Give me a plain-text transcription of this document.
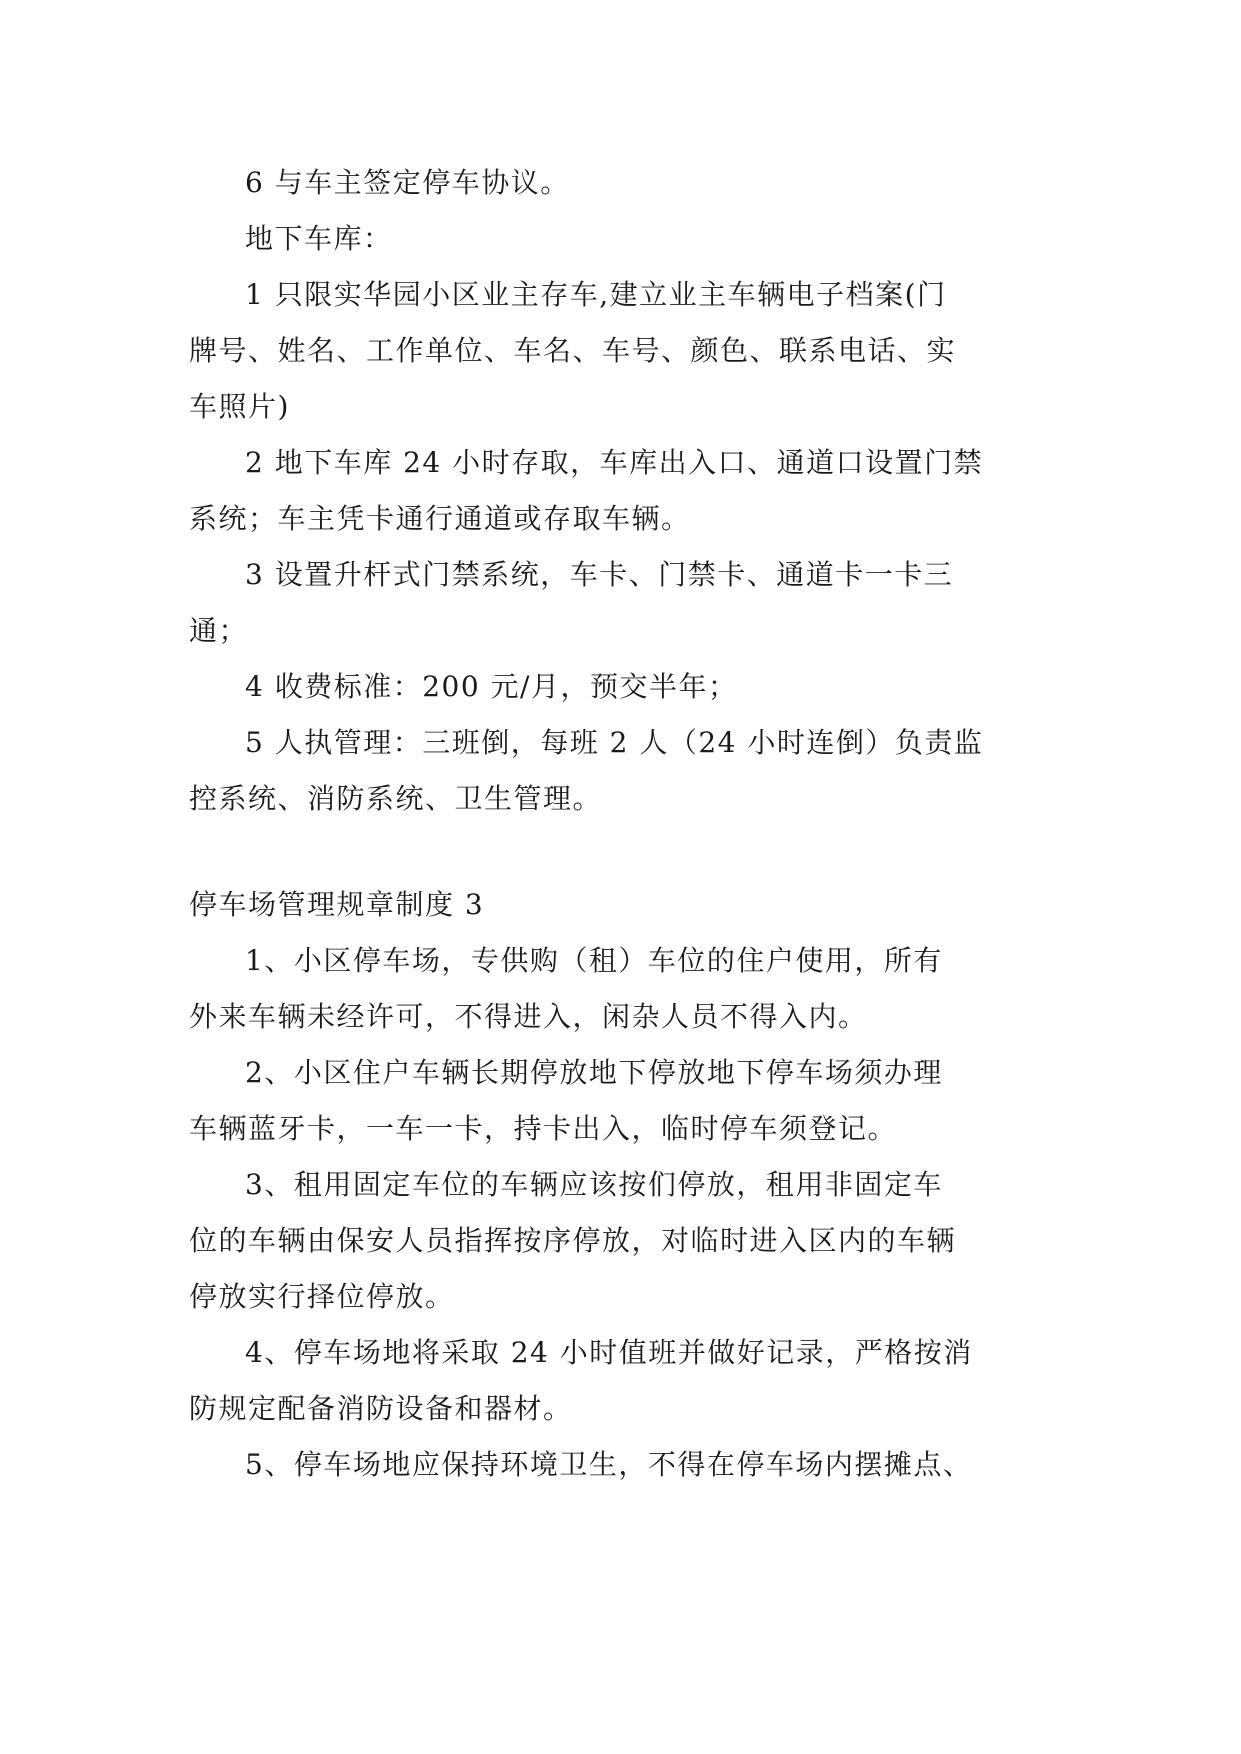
6 与车主签定停车协议。
地下车库：
1 只限实华园小区业主存车,建立业主车辆电子档案(门
牌号、姓名、工作单位、车名、车号、颜色、联系电话、实
车照片)
2 地下车库 24 小时存取，车库出入口、通道口设置门禁
系统；车主凭卡通行通道或存取车辆。
3 设置升杆式门禁系统，车卡、门禁卡、通道卡一卡三
通；
4 收费标准：200 元/月，预交半年；
5 人执管理：三班倒，每班 2 人（24 小时连倒）负责监
控系统、消防系统、卫生管理。
停车场管理规章制度 3
1、小区停车场，专供购（租）车位的住户使用，所有
外来车辆未经许可，不得进入，闲杂人员不得入内。
2、小区住户车辆长期停放地下停放地下停车场须办理
车辆蓝牙卡，一车一卡，持卡出入，临时停车须登记。
3、租用固定车位的车辆应该按们停放，租用非固定车
位的车辆由保安人员指挥按序停放，对临时进入区内的车辆
停放实行择位停放。
4、停车场地将采取 24 小时值班并做好记录，严格按消
防规定配备消防设备和器材。
5、停车场地应保持环境卫生，不得在停车场内摆摊点、
